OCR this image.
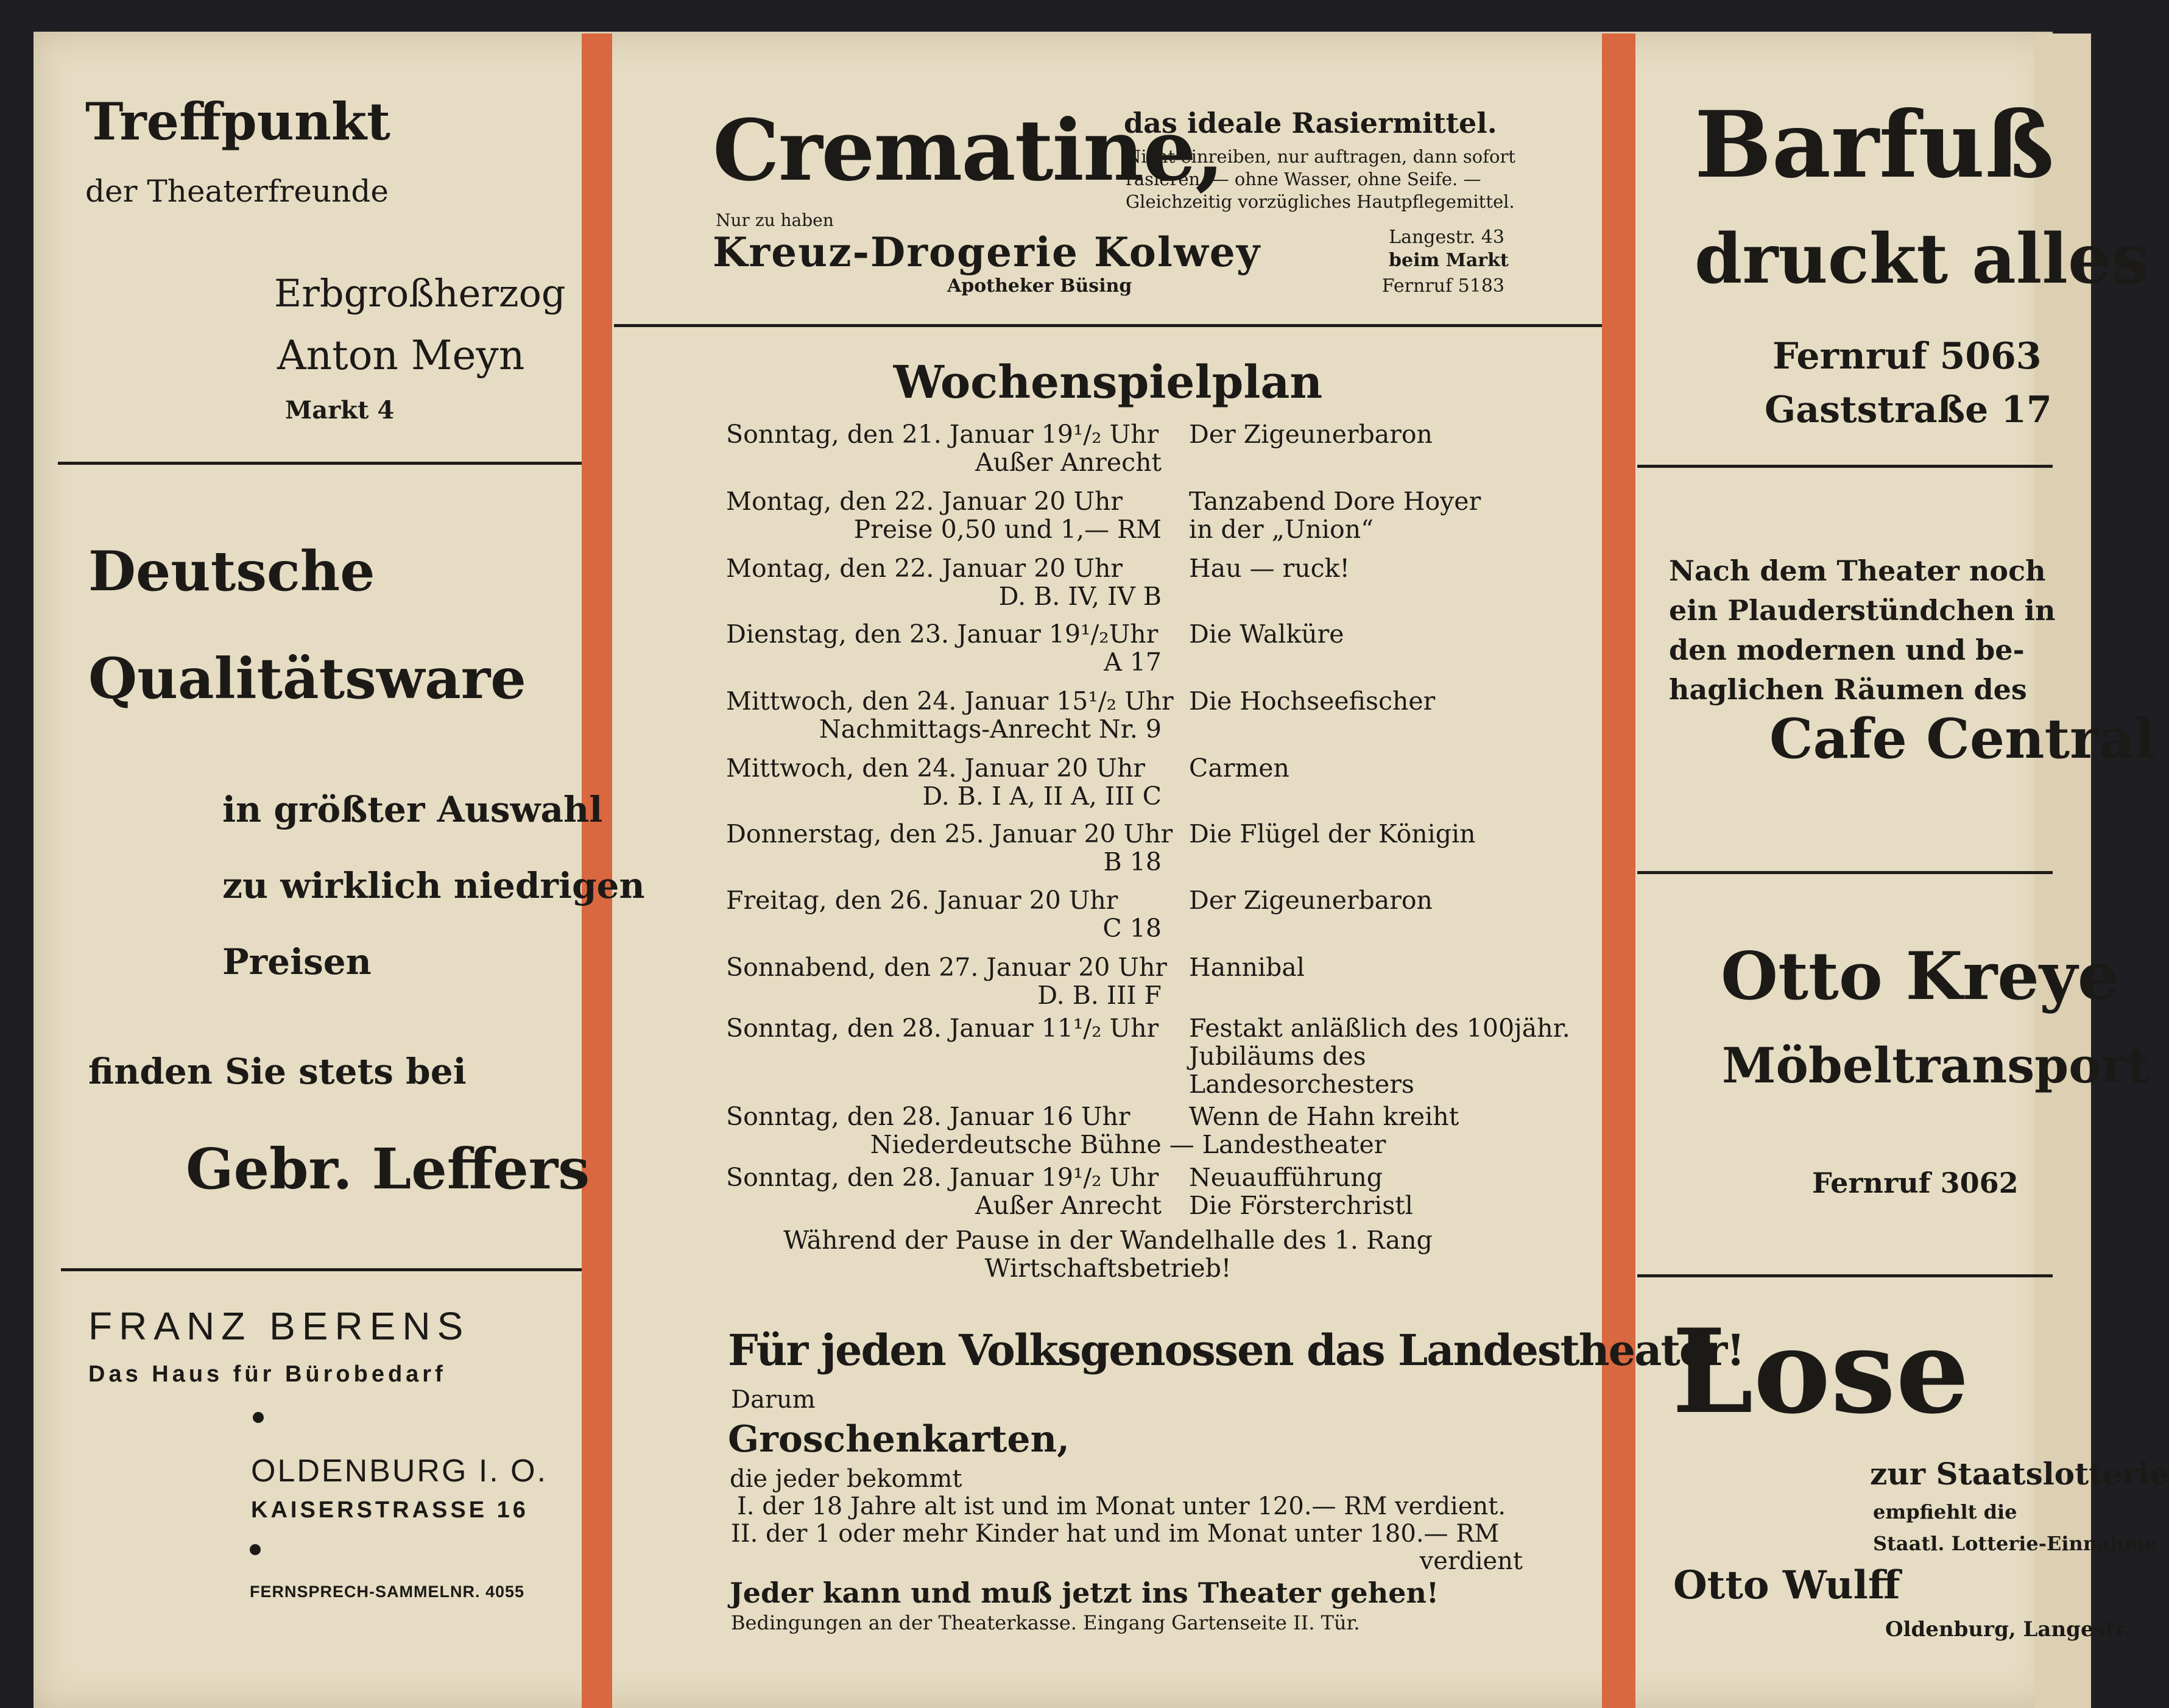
Treffpunkt
der Theaterfreunde
Erbgroßherzog
Anton Meyn
Markt 4
Deutsche
Qualitätsware
in größter Auswahl
zu wirklich niedrigen
Preisen
finden Sie stets bei
Gebr. Leffers
FRANZ BERENS
Das Haus für Bürobedarf
OLDENBURG I. O.
KAISERSTRASSE 16
FERNSPRECH-SAMMELNR. 4055
Crematine,
das ideale Rasiermittel.
Nicht einreiben, nur auftragen, dann sofort
rasieren, — ohne Wasser, ohne Seife. —
Gleichzeitig vorzügliches Hautpflegemittel.
Nur zu haben
Kreuz-Drogerie Kolwey
Apotheker Büsing
Langestr. 43
beim Markt
Fernruf 5183
Wochenspielplan
Sonntag, den 21. Januar 19¹/₂ Uhr
Außer Anrecht
Der Zigeunerbaron
Montag, den 22. Januar 20 Uhr
Preise 0,50 und 1,— RM
Tanzabend Dore Hoyer
in der „Union“
Montag, den 22. Januar 20 Uhr
D. B. IV, IV B
Hau — ruck!
Dienstag, den 23. Januar 19¹/₂Uhr
A 17
Die Walküre
Mittwoch, den 24. Januar 15¹/₂ Uhr
Nachmittags-Anrecht Nr. 9
Die Hochseefischer
Mittwoch, den 24. Januar 20 Uhr
D. B. I A, II A, III C
Carmen
Donnerstag, den 25. Januar 20 Uhr
B 18
Die Flügel der Königin
Freitag, den 26. Januar 20 Uhr
C 18
Der Zigeunerbaron
Sonnabend, den 27. Januar 20 Uhr
D. B. III F
Hannibal
Sonntag, den 28. Januar 11¹/₂ Uhr Festakt anläßlich des 100jähr.
Jubiläums des
Landesorchesters
Sonntag, den 28. Januar 16 Uhr	Wenn de Hahn kreiht
Niederdeutsche Bühne — Landestheater
Sonntag, den 28. Januar 19¹/₂ Uhr
Außer Anrecht
Neuaufführung
Die Försterchristl
Während der Pause in der Wandelhalle des 1. Rang
Wirtschaftsbetrieb!
Für jeden Volksgenossen das Landestheater!
Darum
Groschenkarten,
die jeder bekommt
I. der 18 Jahre alt ist und im Monat unter 120.— RM verdient.
II. der 1 oder mehr Kinder hat und im Monat unter 180.— RM
verdient
Jeder kann und muß jetzt ins Theater gehen!
Bedingungen an der Theaterkasse. Eingang Gartenseite II. Tür.
Barfuß
druckt alles
Fernruf 5063
Gaststraße 17
Nach dem Theater noch
ein Plauderstündchen in
den modernen und be-
haglichen Räumen des
Cafe Central
Otto Kreye
Möbeltransport
Fernruf 3062
Lose
zur Staatslotterie
empfiehlt die
Staatl. Lotterie-Einnahme
Otto Wulff
Oldenburg, Langestr.
